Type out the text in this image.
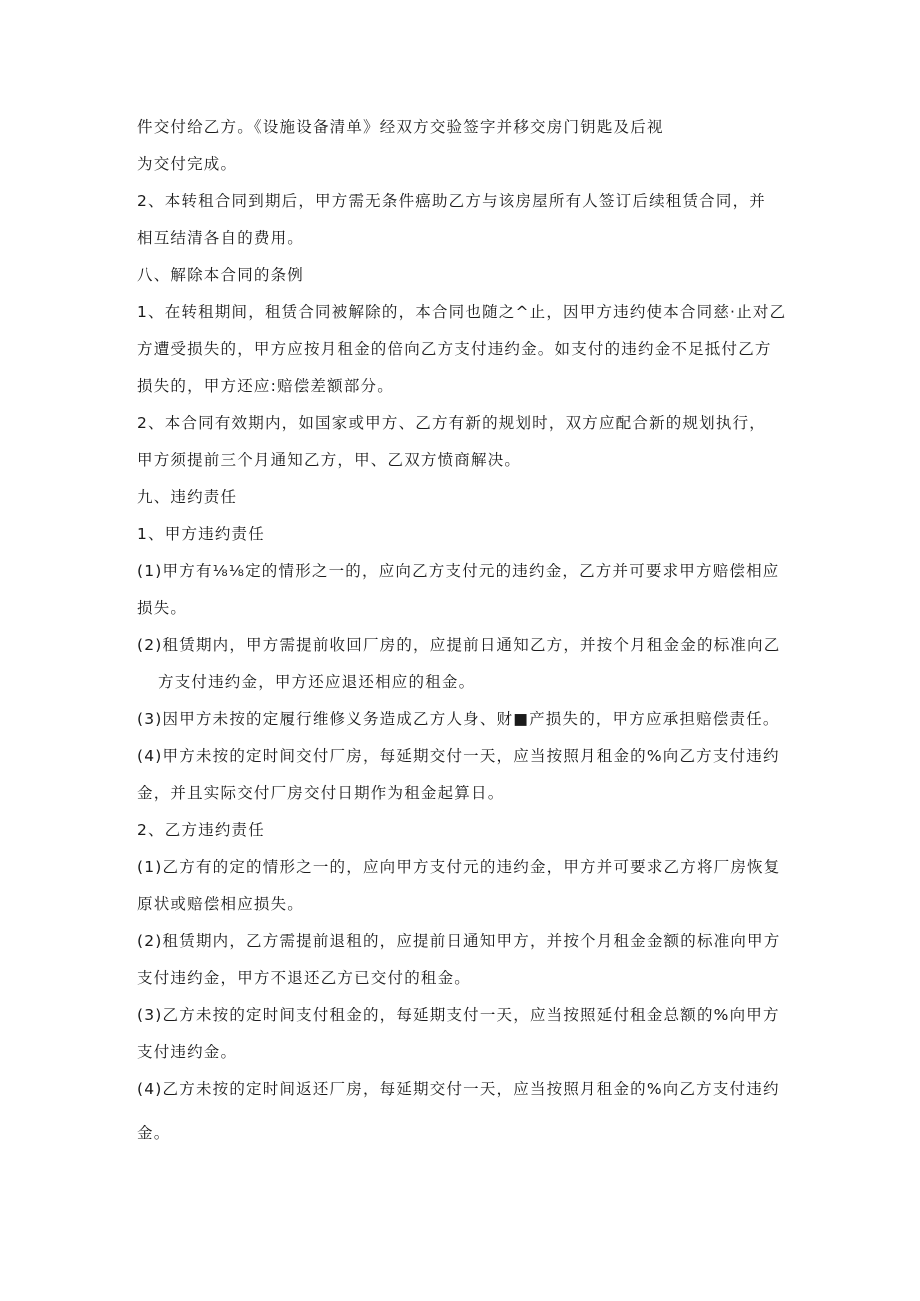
件交付给乙方。《设施设备清单》经双方交验签字并移交房门钥匙及后视
为交付完成。
2、本转租合同到期后，甲方需无条件癌助乙方与该房屋所有人签订后续租赁合同，并
相互结清各自的费用。
八、解除本合同的条例
1、在转租期间，租赁合同被解除的，本合同也随之^止，因甲方违约使本合同慈·止对乙
方遭受损失的，甲方应按月租金的倍向乙方支付违约金。如支付的违约金不足抵付乙方
损失的，甲方还应:赔偿差额部分。
2、本合同有效期内，如国家或甲方、乙方有新的规划时，双方应配合新的规划执行，
甲方须提前三个月通知乙方，甲、乙双方愤商解决。
九、违约责任
1、甲方违约责任
(1)甲方有⅛⅛定的情形之一的，应向乙方支付元的违约金，乙方并可要求甲方赔偿相应
损失。
(2)租赁期内，甲方需提前收回厂房的，应提前日通知乙方，并按个月租金金的标准向乙
方支付违约金，甲方还应退还相应的租金。
(3)因甲方未按的定履行维修义务造成乙方人身、财■产损失的，甲方应承担赔偿责任。
(4)甲方未按的定时间交付厂房，每延期交付一天，应当按照月租金的%向乙方支付违约
金，并且实际交付厂房交付日期作为租金起算日。
2、乙方违约责任
(1)乙方有的定的情形之一的，应向甲方支付元的违约金，甲方并可要求乙方将厂房恢复
原状或赔偿相应损失。
(2)租赁期内，乙方需提前退租的，应提前日通知甲方，并按个月租金金额的标准向甲方
支付违约金，甲方不退还乙方已交付的租金。
(3)乙方未按的定时间支付租金的，每延期支付一天，应当按照延付租金总额的%向甲方
支付违约金。
(4)乙方未按的定时间返还厂房，每延期交付一天，应当按照月租金的%向乙方支付违约
金。
